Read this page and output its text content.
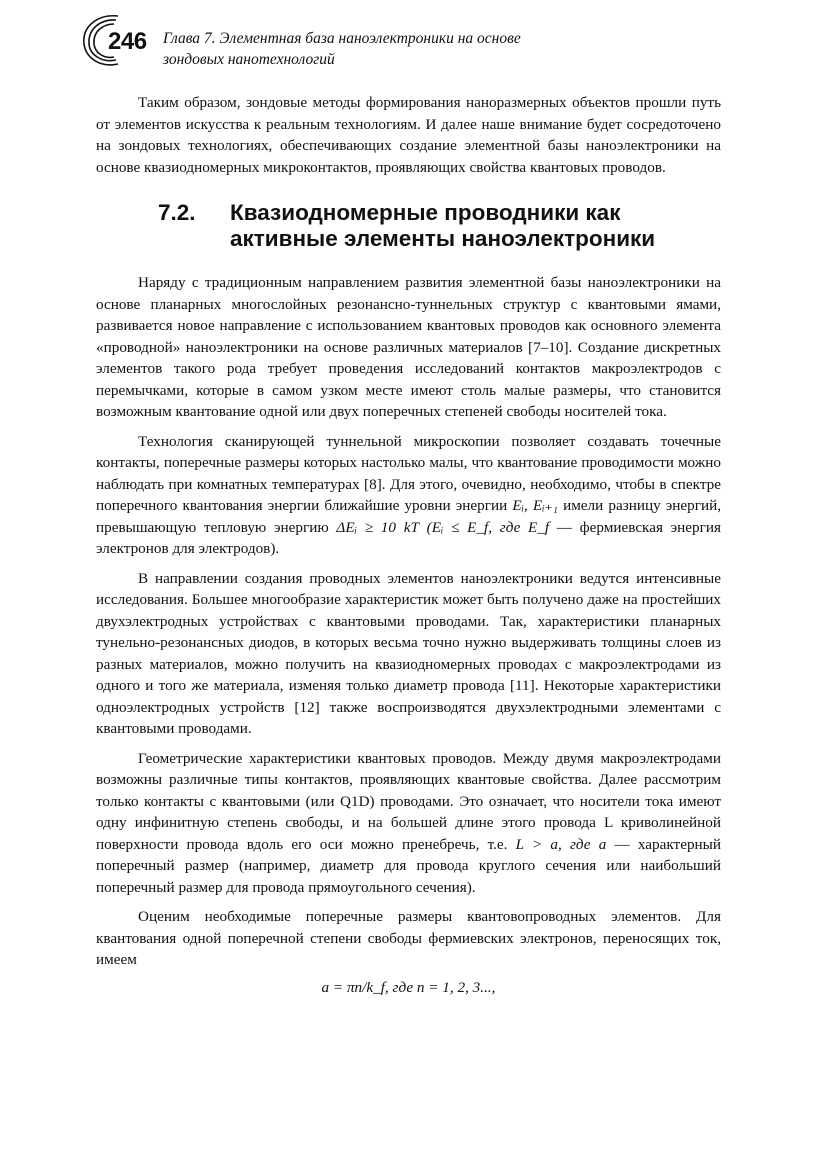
246 Глава 7. Элементная база наноэлектроники на основе
зондовых нанотехнологий

Таким образом, зондовые методы формирования наноразмерных объектов прошли путь от элементов искусства к реальным технологиям. И далее наше внимание будет сосредоточено на зондовых технологиях, обеспечивающих создание элементной базы наноэлектроники на основе квазиодномерных микроконтактов, проявляющих свойства квантовых проводов.

7.2.	Квазиодномерные проводники как активные элементы наноэлектроники

Наряду с традиционным направлением развития элементной базы наноэлектроники на основе планарных многослойных резонансно-туннельных структур с квантовыми ямами, развивается новое направление с использованием квантовых проводов как основного элемента «проводной» наноэлектроники на основе различных материалов [7–10]. Создание дискретных элементов такого рода требует проведения исследований контактов макроэлектродов с перемычками, которые в самом узком месте имеют столь малые размеры, что становится возможным квантование одной или двух поперечных степеней свободы носителей тока.

Технология сканирующей туннельной микроскопии позволяет создавать точечные контакты, поперечные размеры которых настолько малы, что квантование проводимости можно наблюдать при комнатных температурах [8]. Для этого, очевидно, необходимо, чтобы в спектре поперечного квантования энергии ближайшие уровни энергии Eᵢ, Eᵢ₊₁ имели разницу энергий, превышающую тепловую энергию ΔEᵢ ≥ 10 kT (Eᵢ ≤ E_f, где E_f — фермиевская энергия электронов для электродов).

В направлении создания проводных элементов наноэлектроники ведутся интенсивные исследования. Большее многообразие характеристик может быть получено даже на простейших двухэлектродных устройствах с квантовыми проводами. Так, характеристики планарных тунельно-резонансных диодов, в которых весьма точно нужно выдерживать толщины слоев из разных материалов, можно получить на квазиодномерных проводах с макроэлектродами из одного и того же материала, изменяя только диаметр провода [11]. Некоторые характеристики одноэлектродных устройств [12] также воспроизводятся двухэлектродными элементами с квантовыми проводами.

Геометрические характеристики квантовых проводов. Между двумя макроэлектродами возможны различные типы контактов, проявляющих квантовые свойства. Далее рассмотрим только контакты с квантовыми (или Q1D) проводами. Это означает, что носители тока имеют одну инфинитную степень свободы, и на большей длине этого провода L криволинейной поверхности провода вдоль его оси можно пренебречь, т.е. L > a, где a — характерный поперечный размер (например, диаметр для провода круглого сечения или наибольший поперечный размер для провода прямоугольного сечения).

Оценим необходимые поперечные размеры квантовопроводных элементов. Для квантования одной поперечной степени свободы фермиевских электронов, переносящих ток, имеем

a = πn/k_f, где n = 1, 2, 3...,
